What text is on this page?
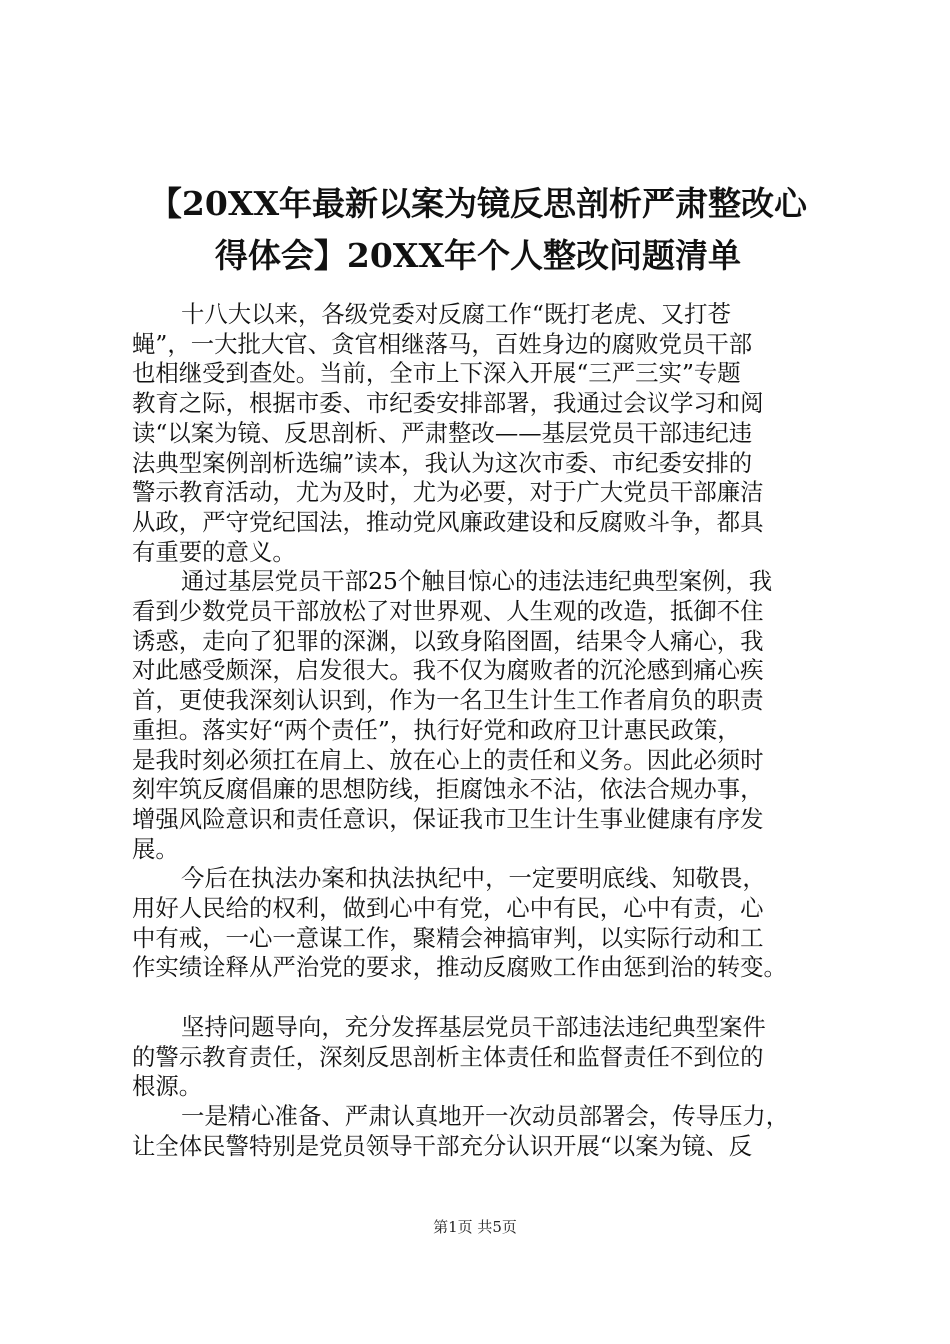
【20XX年最新以案为镜反思剖析严肃整改心
得体会】20XX年个人整改问题清单

十八大以来，各级党委对反腐工作“既打老虎、又打苍
蝇”，一大批大官、贪官相继落马，百姓身边的腐败党员干部
也相继受到查处。当前，全市上下深入开展“三严三实”专题
教育之际，根据市委、市纪委安排部署，我通过会议学习和阅
读“以案为镜、反思剖析、严肃整改——基层党员干部违纪违
法典型案例剖析选编”读本，我认为这次市委、市纪委安排的
警示教育活动，尤为及时，尤为必要，对于广大党员干部廉洁
从政，严守党纪国法，推动党风廉政建设和反腐败斗争，都具
有重要的意义。

通过基层党员干部25个触目惊心的违法违纪典型案例，我
看到少数党员干部放松了对世界观、人生观的改造，抵御不住
诱惑，走向了犯罪的深渊，以致身陷囹圄，结果令人痛心，我
对此感受颇深，启发很大。我不仅为腐败者的沉沦感到痛心疾
首，更使我深刻认识到，作为一名卫生计生工作者肩负的职责
重担。落实好“两个责任”，执行好党和政府卫计惠民政策，
是我时刻必须扛在肩上、放在心上的责任和义务。因此必须时
刻牢筑反腐倡廉的思想防线，拒腐蚀永不沾，依法合规办事，
增强风险意识和责任意识，保证我市卫生计生事业健康有序发
展。

今后在执法办案和执法执纪中，一定要明底线、知敬畏，
用好人民给的权利，做到心中有党，心中有民，心中有责，心
中有戒，一心一意谋工作，聚精会神搞审判，以实际行动和工
作实绩诠释从严治党的要求，推动反腐败工作由惩到治的转变。

坚持问题导向，充分发挥基层党员干部违法违纪典型案件
的警示教育责任，深刻反思剖析主体责任和监督责任不到位的
根源。

一是精心准备、严肃认真地开一次动员部署会，传导压力，
让全体民警特别是党员领导干部充分认识开展“以案为镜、反

第1页 共5页
